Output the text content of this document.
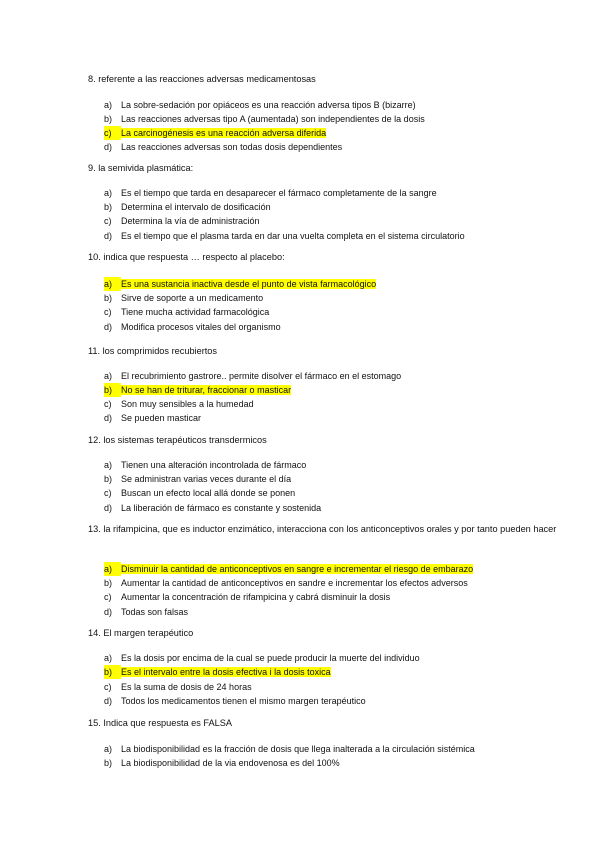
8. referente a las reacciones adversas medicamentosas
a) La sobre-sedación por opiáceos es una reacción adversa tipos B (bizarre)
b) Las reacciones adversas tipo A (aumentada) son independientes de la dosis
c) La carcinogénesis es una reacción adversa diferida
d) Las reacciones adversas son todas dosis dependientes
9. la semivida plasmática:
a) Es el tiempo que tarda en desaparecer el fármaco completamente de la sangre
b) Determina el intervalo de dosificación
c) Determina la vía de administración
d) Es el tiempo que el plasma tarda en dar una vuelta completa en el sistema circulatorio
10. indica que respuesta … respecto al placebo:
a) Es una sustancia inactiva desde el punto de vista farmacológico
b) Sirve de soporte a un medicamento
c) Tiene mucha actividad farmacológica
d) Modifica procesos vitales del organismo
11. los comprimidos recubiertos
a) El recubrimiento gastrore.. permite disolver el fármaco en el estomago
b) No se han de triturar, fraccionar o masticar
c) Son muy sensibles a la humedad
d) Se pueden masticar
12. los sistemas terapéuticos transdermicos
a) Tienen una alteración incontrolada de fármaco
b) Se administran varias veces durante el día
c) Buscan un efecto local allá donde se ponen
d) La liberación de fármaco es constante y sostenida
13. la rifampicina, que es inductor enzimático, interacciona con los anticonceptivos orales y por tanto pueden hacer
a) Disminuir la cantidad de anticonceptivos en sangre e incrementar el riesgo de embarazo
b) Aumentar la cantidad de anticonceptivos en sandre e incrementar los efectos adversos
c) Aumentar la concentración de rifampicina y cabrá disminuir la dosis
d) Todas son falsas
14. El margen terapéutico
a) Es la dosis por encima de la cual se puede producir la muerte del individuo
b) Es el intervalo entre la dosis efectiva i la dosis toxica
c) Es la suma de dosis de 24 horas
d) Todos los medicamentos tienen el mismo margen terapéutico
15. Indica que respuesta es FALSA
a) La biodisponibilidad es la fracción de dosis que llega inalterada a la circulación sistémica
b) La biodisponibilidad de la via endovenosa es del 100%
